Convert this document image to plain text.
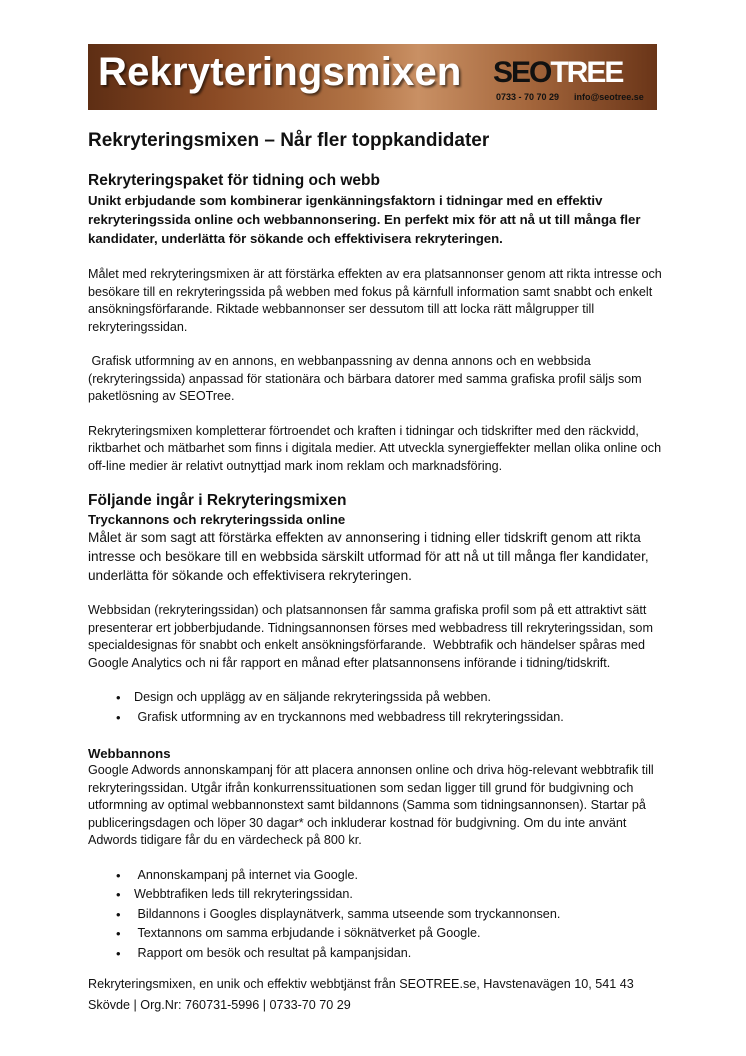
Rekryteringsmixen SEOTREE
0733 - 70 70 29 info@seotree.se
Rekryteringsmixen – Når fler toppkandidater
Rekryteringspaket för tidning och webb

Unikt erbjudande som kombinerar igenkänningsfaktorn i tidningar med en effektiv rekryteringssida online och webbannonsering. En perfekt mix för att nå ut till många fler kandidater, underlätta för sökande och effektivisera rekryteringen.

Målet med rekryteringsmixen är att förstärka effekten av era platsannonser genom att rikta intresse och besökare till en rekryteringssida på webben med fokus på kärnfull information samt snabbt och enkelt ansökningsförfarande. Riktade webbannonser ser dessutom till att locka rätt målgrupper till rekryteringssidan.

Grafisk utformning av en annons, en webbanpassning av denna annons och en webbsida (rekryteringssida) anpassad för stationära och bärbara datorer med samma grafiska profil säljs som paketlösning av SEOTree.

Rekryteringsmixen kompletterar förtroendet och kraften i tidningar och tidskrifter med den räckvidd, riktbarhet och mätbarhet som finns i digitala medier. Att utveckla synergieffekter mellan olika online och off-line medier är relativt outnyttjad mark inom reklam och marknadsföring.

Följande ingår i Rekryteringsmixen

Tryckannons och rekryteringssida online

Målet är som sagt att förstärka effekten av annonsering i tidning eller tidskrift genom att rikta intresse och besökare till en webbsida särskilt utformad för att nå ut till många fler kandidater, underlätta för sökande och effektivisera rekryteringen.

Webbsidan (rekryteringssidan) och platsannonsen får samma grafiska profil som på ett attraktivt sätt presenterar ert jobberbjudande. Tidningsannonsen förses med webbadress till rekryteringssidan, som specialdesignas för snabbt och enkelt ansökningsförfarande.  Webbtrafik och händelser spåras med Google Analytics och ni får rapport en månad efter platsannonsens införande i tidning/tidskrift.

• Design och upplägg av en säljande rekryteringssida på webben.
•  Grafisk utformning av en tryckannons med webbadress till rekryteringssidan.

Webbannons

Google Adwords annonskampanj för att placera annonsen online och driva hög-relevant webbtrafik till rekryteringssidan. Utgår ifrån konkurrenssituationen som sedan ligger till grund för budgivning och utformning av optimal webbannonstext samt bildannons (Samma som tidningsannonsen). Startar på publiceringsdagen och löper 30 dagar* och inkluderar kostnad för budgivning. Om du inte använt Adwords tidigare får du en värdecheck på 800 kr.

•  Annonskampanj på internet via Google.
• Webbtrafiken leds till rekryteringssidan.
•  Bildannons i Googles displaynätverk, samma utseende som tryckannonsen.
•  Textannons om samma erbjudande i söknätverket på Google.
•  Rapport om besök och resultat på kampanjsidan.

Rekryteringsmixen, en unik och effektiv webbtjänst från SEOTREE.se, Havstenavägen 10, 541 43 Skövde | Org.Nr: 760731-5996 | 0733-70 70 29
